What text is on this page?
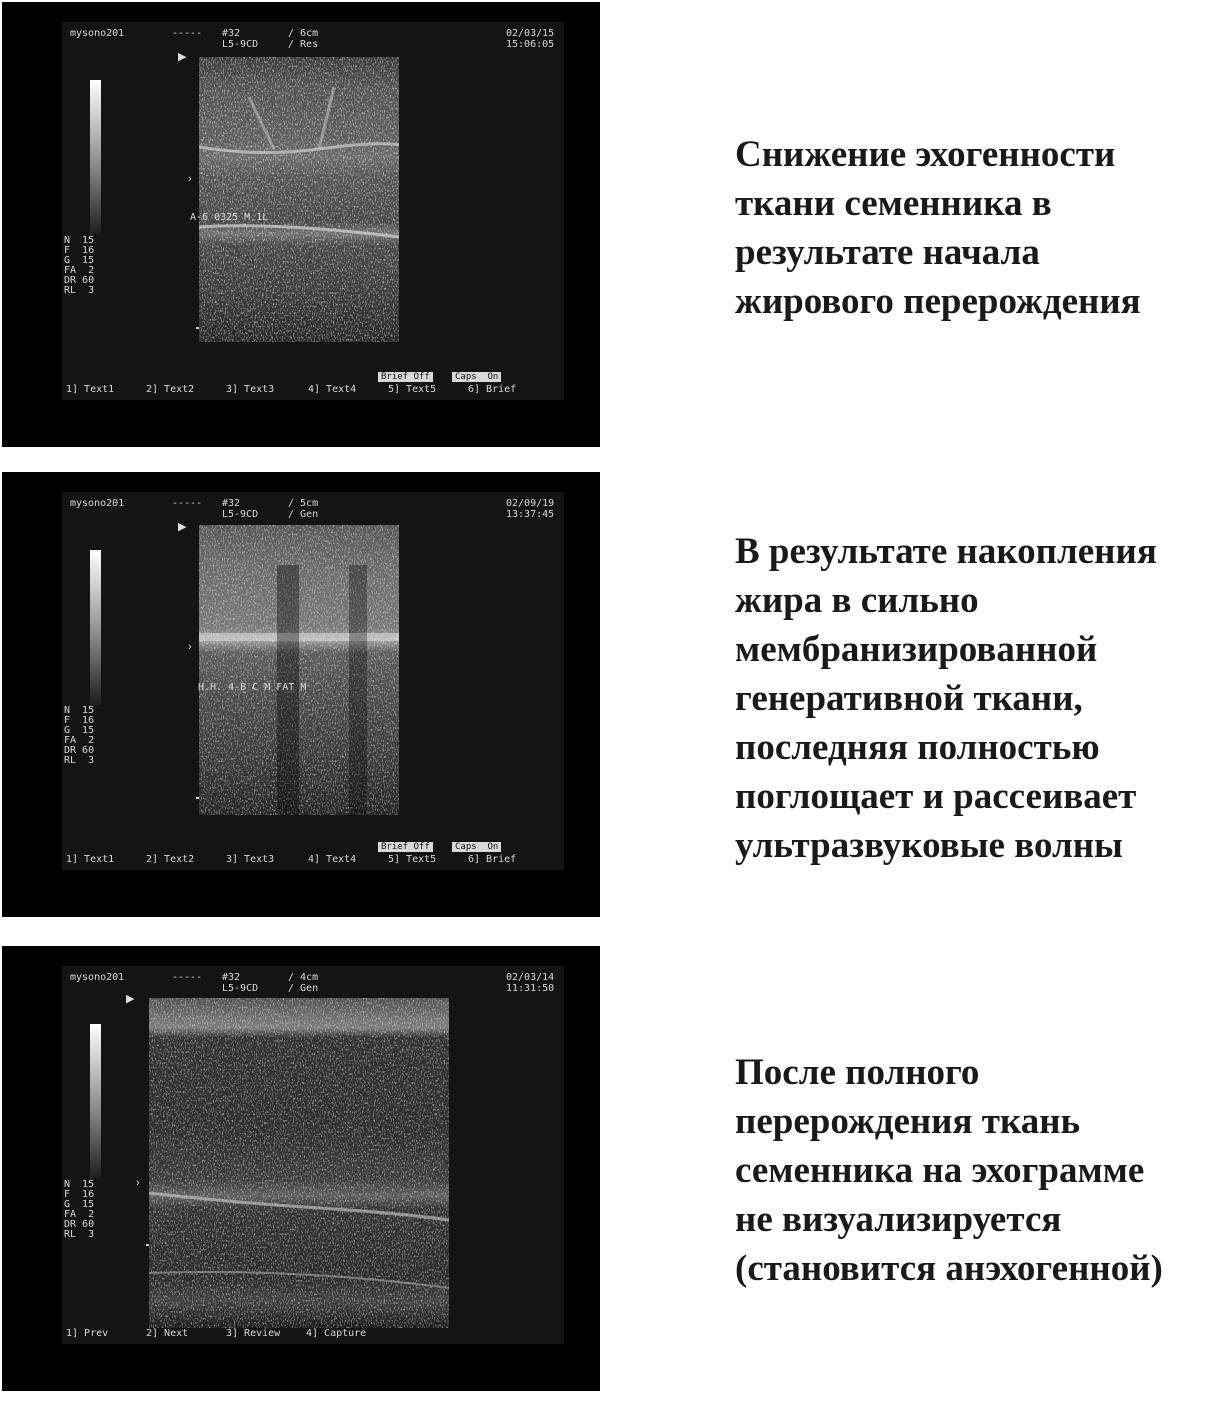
mysono201	----- #32	/ 6cm
L5-9CD	/ Res
02/03/15
15:06:05
N  15
F  16
G  15
FA  2
DR 60
RL  3
▶
›
A-6 0325 M 1L
Brief Off	Caps  On
1] Text1	2] Text2	3] Text3	4] Text4	5] Text5	6] Brief
mysono201	----- #32	/ 5cm
L5-9CD	/ Gen
02/09/19
13:37:45
N  15
F  16
G  15
FA  2
DR 60
RL  3
▶
›
H.H. 4-B C M FAT M
Brief Off	Caps  On
1] Text1	2] Text2	3] Text3	4] Text4	5] Text5	6] Brief
mysono201	----- #32	/ 4cm
L5-9CD	/ Gen
02/03/14
11:31:50
N  15
F  16
G  15
FA  2
DR 60
RL  3
▶
›
1] Prev	2] Next	3] Review	4] Capture
Снижение эхогенности
ткани семенника в
результате начала
жирового перерождения
В результате накопления
жира в сильно
мембранизированной
генеративной ткани,
последняя полностью
поглощает и рассеивает
ультразвуковые волны
После полного
перерождения ткань
семенника на эхограмме
не визуализируется
(становится анэхогенной)
